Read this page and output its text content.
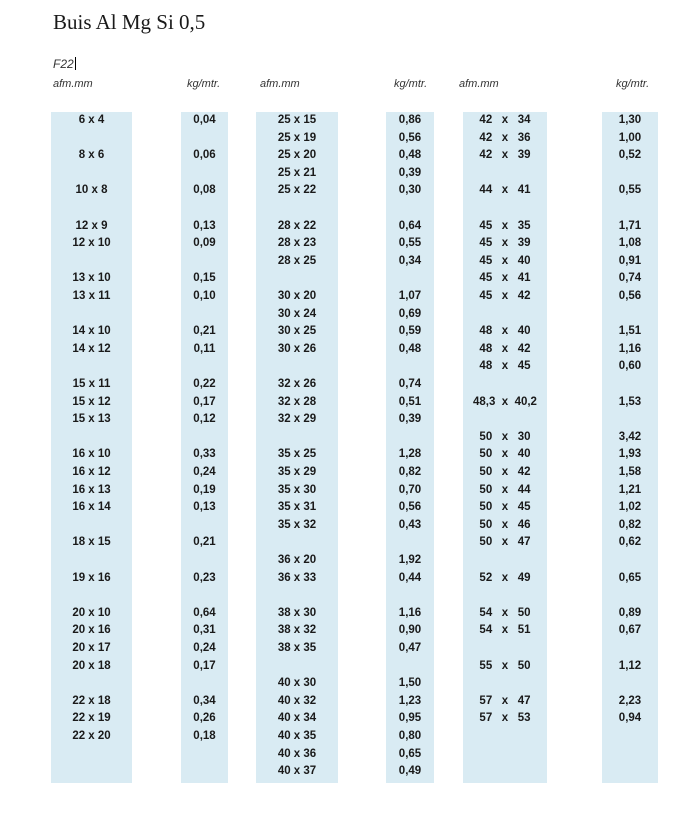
Buis Al Mg Si 0,5
F22
afm.mm	kg/mtr.	afm.mm	kg/mtr.	afm.mm	kg/mtr.
6 x 4	0,04
8 x 6	0,06
10 x 8	0,08
12 x 9	0,13
12 x 10	0,09
13 x 10	0,15
13 x 11	0,10
14 x 10	0,21
14 x 12	0,11
15 x 11	0,22
15 x 12	0,17
15 x 13	0,12
16 x 10	0,33
16 x 12	0,24
16 x 13	0,19
16 x 14	0,13
18 x 15	0,21
19 x 16	0,23
20 x 10	0,64
20 x 16	0,31
20 x 17	0,24
20 x 18	0,17
22 x 18	0,34
22 x 19	0,26
22 x 20	0,18
25 x 15	0,86
25 x 19	0,56
25 x 20	0,48
25 x 21	0,39
25 x 22	0,30
28 x 22	0,64
28 x 23	0,55
28 x 25	0,34
30 x 20	1,07
30 x 24	0,69
30 x 25	0,59
30 x 26	0,48
32 x 26	0,74
32 x 28	0,51
32 x 29	0,39
35 x 25	1,28
35 x 29	0,82
35 x 30	0,70
35 x 31	0,56
35 x 32	0,43
36 x 20	1,92
36 x 33	0,44
38 x 30	1,16
38 x 32	0,90
38 x 35	0,47
40 x 30	1,50
40 x 32	1,23
40 x 34	0,95
40 x 35	0,80
40 x 36	0,65
40 x 37	0,49
42   x   34	1,30
42   x   36	1,00
42   x   39	0,52
44   x   41	0,55
45   x   35	1,71
45   x   39	1,08
45   x   40	0,91
45   x   41	0,74
45   x   42	0,56
48   x   40	1,51
48   x   42	1,16
48   x   45	0,60
48,3  x  40,2	1,53
50   x   30	3,42
50   x   40	1,93
50   x   42	1,58
50   x   44	1,21
50   x   45	1,02
50   x   46	0,82
50   x   47	0,62
52   x   49	0,65
54   x   50	0,89
54   x   51	0,67
55   x   50	1,12
57   x   47	2,23
57   x   53	0,94
